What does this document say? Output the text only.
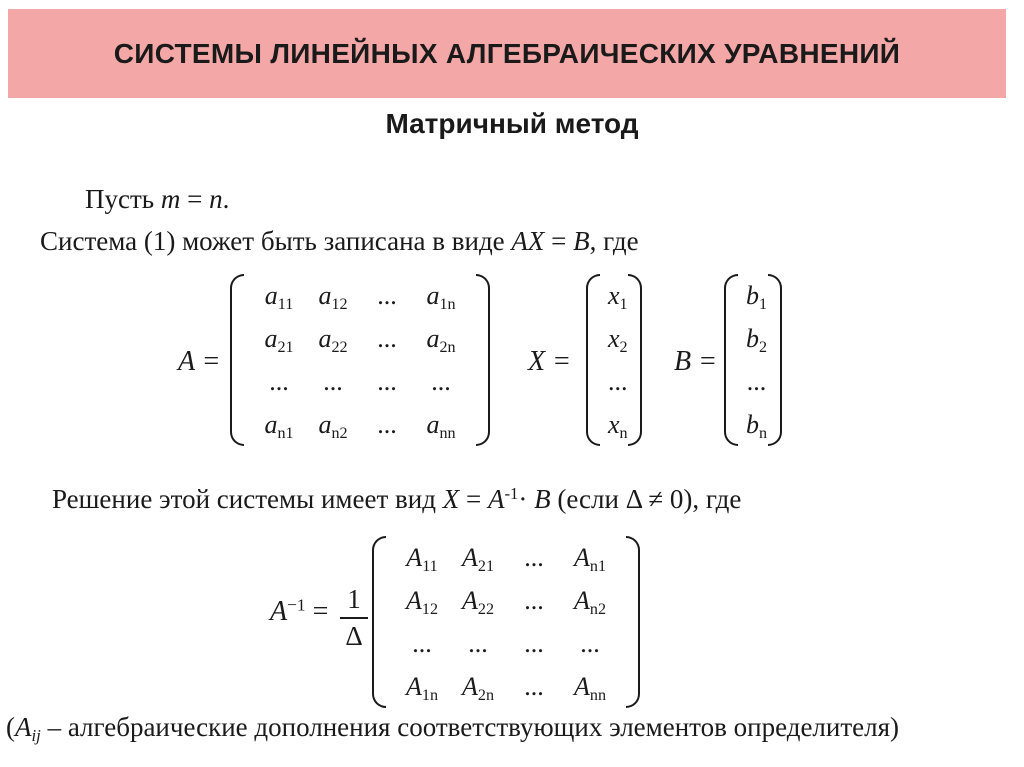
СИСТЕМЫ ЛИНЕЙНЫХ АЛГЕБРАИЧЕСКИХ УРАВНЕНИЙ
Матричный метод
Пусть m = n.
Система (1) может быть записана в виде AX = B, где
A =
$a_{11}$ $a_{12}$	...	$a_{1n}$
$a_{21}$ $a_{22}$	...	$a_{2n}$
...	...	...	...
$a_{n1}$ $a_{n2}$	...	$a_{nn}$
X =
$x_1$
$x_2$
...
$x_n$
B =
$b_1$
$b_2$
...
$b_n$
Решение этой системы имеет вид $X = A^{-1}\cdot B$ (если Δ ≠ 0), где
$A^{-1} = 1$
Δ
$A_{11}$ $A_{21}$	...	$A_{n1}$
$A_{12}$ $A_{22}$	...	$A_{n2}$
...	...	...	...
$A_{1n}$ $A_{2n}$	...	$A_{nn}$
($A_{ij}$ – алгебраические дополнения соответствующих элементов определителя)
